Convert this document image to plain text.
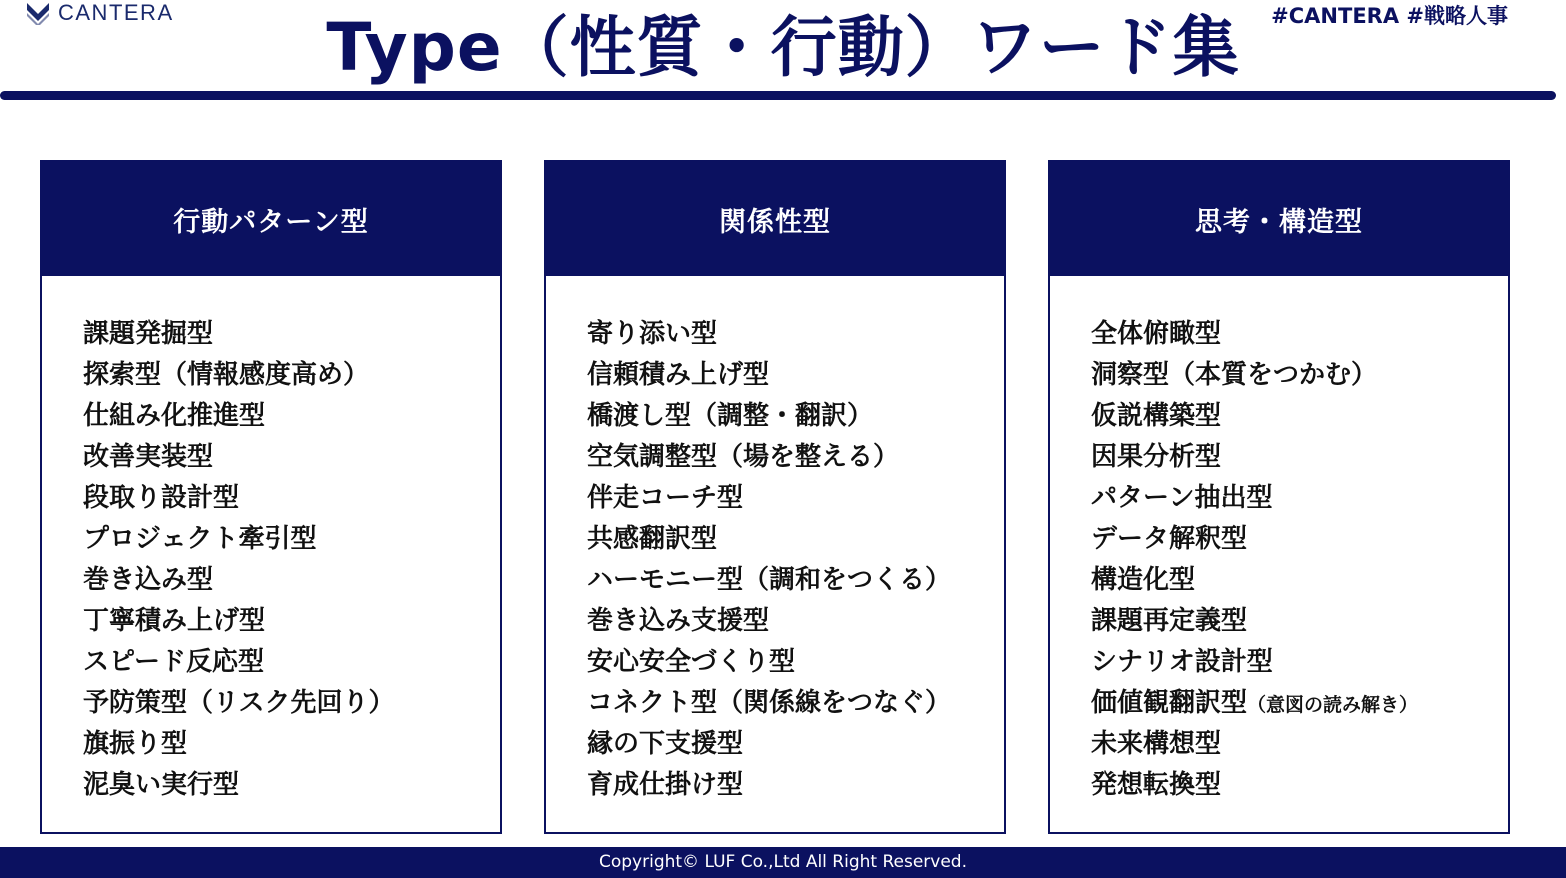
CANTERA	#CANTERA #戦略人事
Type（性質・行動）ワード集
行動パターン型
課題発掘型
探索型（情報感度高め）
仕組み化推進型
改善実装型
段取り設計型
プロジェクト牽引型
巻き込み型
丁寧積み上げ型
スピード反応型
予防策型（リスク先回り）
旗振り型
泥臭い実行型
関係性型
寄り添い型
信頼積み上げ型
橋渡し型（調整・翻訳）
空気調整型（場を整える）
伴走コーチ型
共感翻訳型
ハーモニー型（調和をつくる）
巻き込み支援型
安心安全づくり型
コネクト型（関係線をつなぐ）
縁の下支援型
育成仕掛け型
思考・構造型
全体俯瞰型
洞察型（本質をつかむ）
仮説構築型
因果分析型
パターン抽出型
データ解釈型
構造化型
課題再定義型
シナリオ設計型
価値観翻訳型（意図の読み解き）
未来構想型
発想転換型
Copyright© LUF Co.,Ltd All Right Reserved.
